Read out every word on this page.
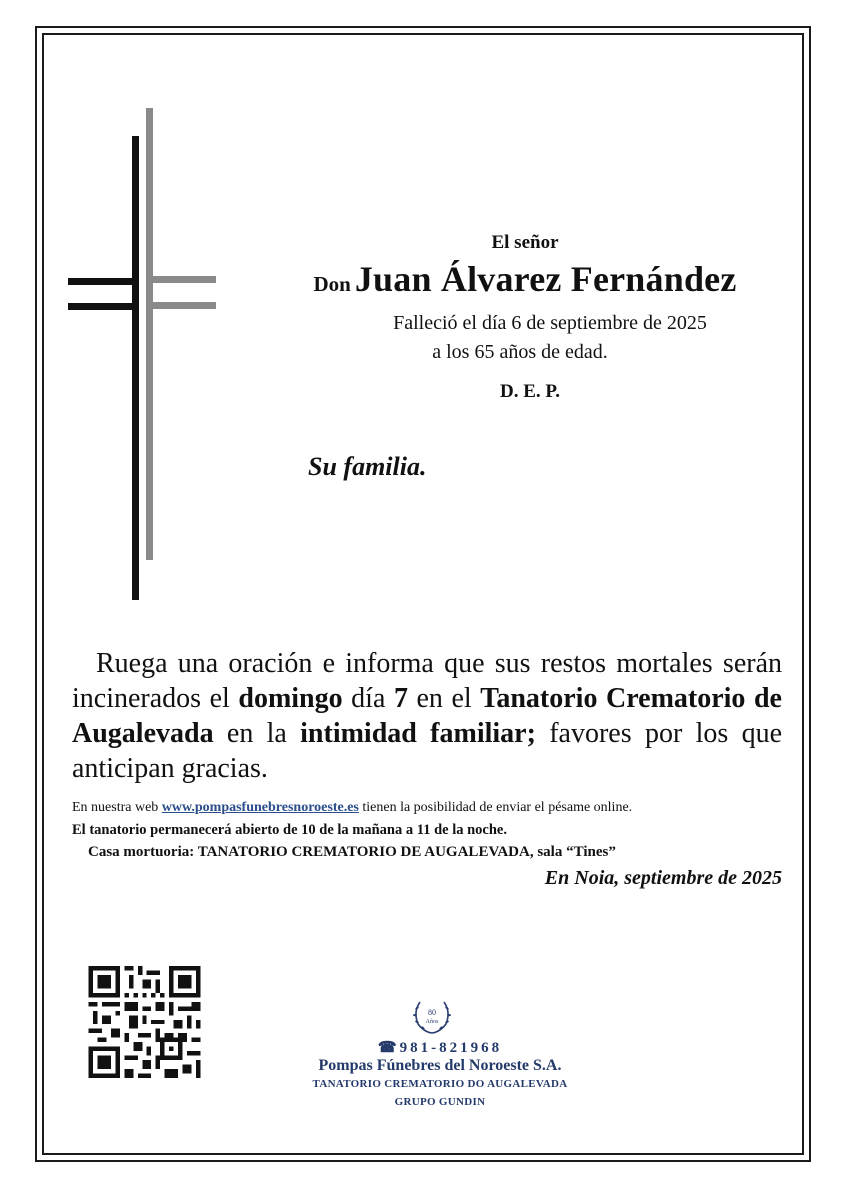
El señor
Don Juan Álvarez Fernández
Falleció el día 6 de septiembre de 2025
a los 65 años de edad.
D. E. P.
Su familia.

Ruega una oración e informa que sus restos mortales serán incinerados el domingo día 7 en el Tanatorio Crematorio de Augalevada en la intimidad familiar; favores por los que anticipan gracias.

En nuestra web www.pompasfunebresnoroeste.es tienen la posibilidad de enviar el pésame online.
El tanatorio permanecerá abierto de 10 de la mañana a 11 de la noche.
Casa mortuoria: TANATORIO CREMATORIO DE AUGALEVADA, sala “Tines”
En Noia, septiembre de 2025
80
Años
☎981-821968
Pompas Fúnebres del Noroeste S.A.
TANATORIO CREMATORIO DO AUGALEVADA
GRUPO GUNDIN
